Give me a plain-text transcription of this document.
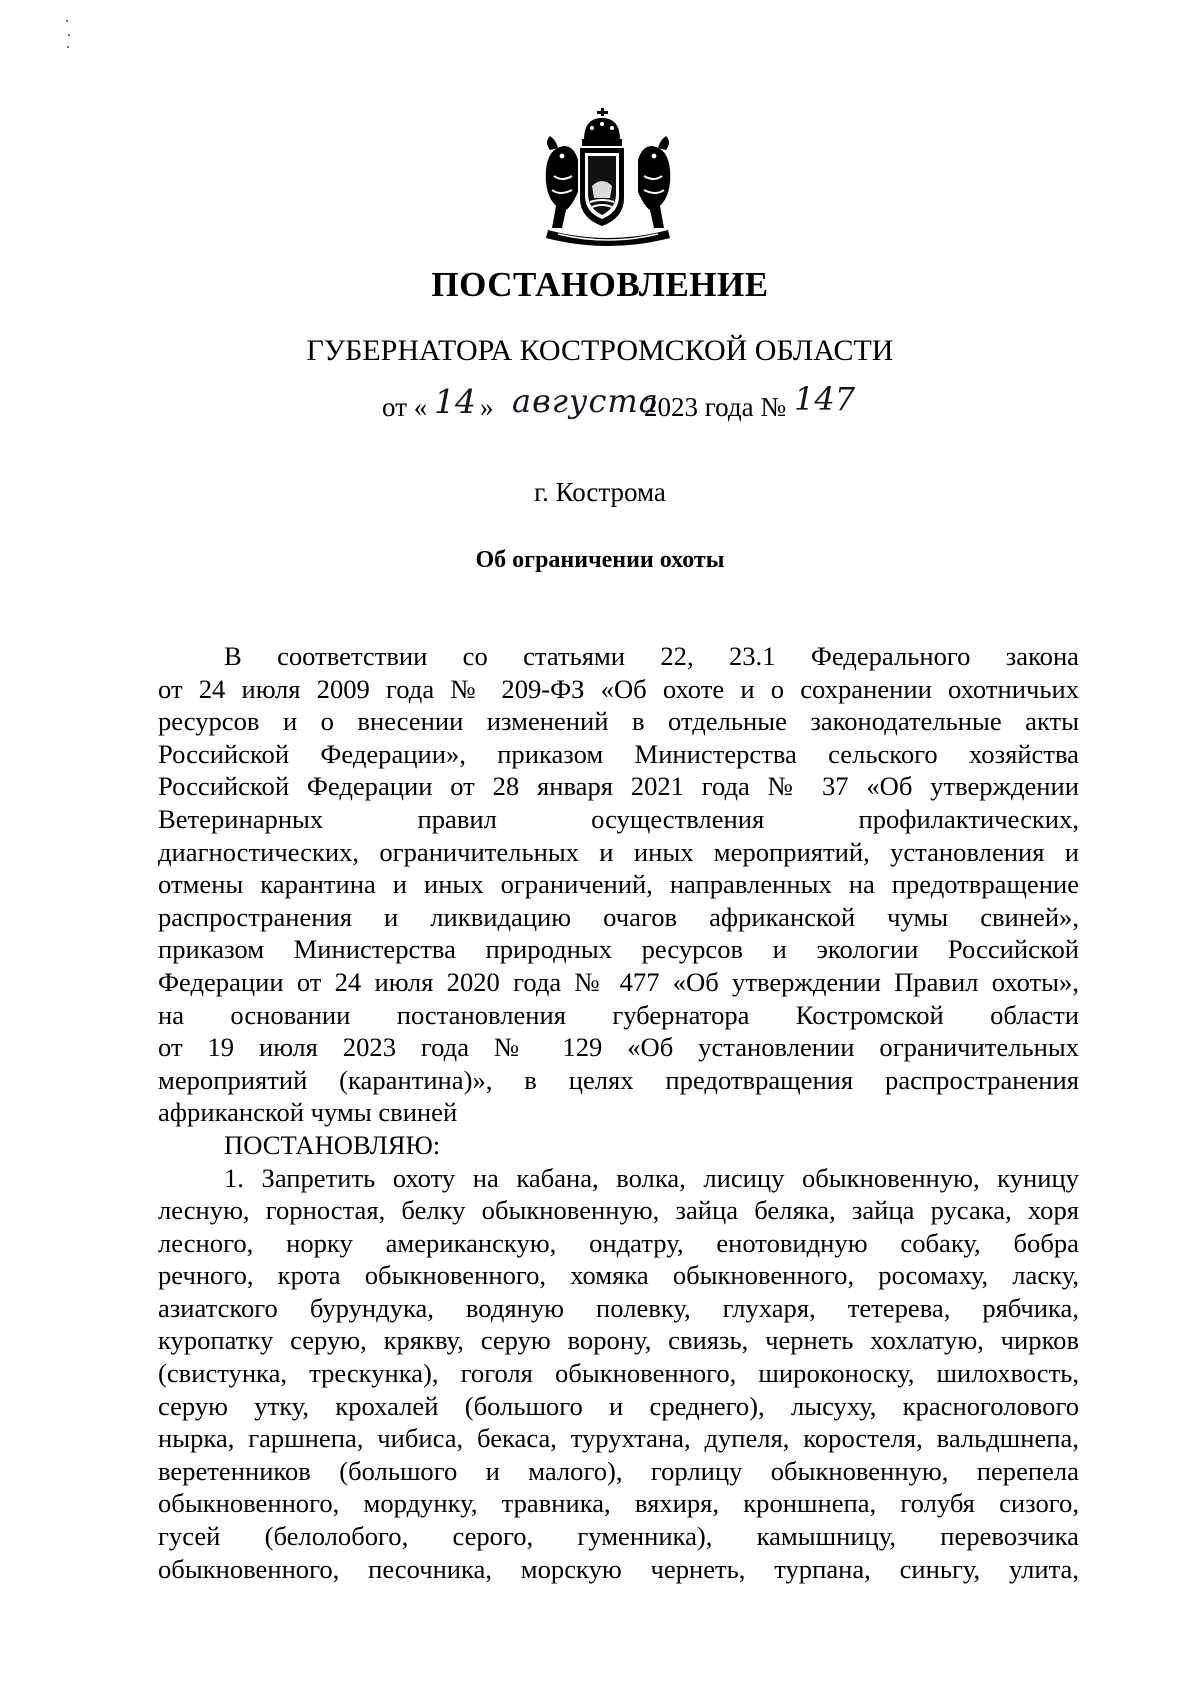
ПОСТАНОВЛЕНИЕ
ГУБЕРНАТОРА КОСТРОМСКОЙ ОБЛАСТИ
от « 14 » августа
2023 года № 147
г. Кострома
Об ограничении охоты
В соответствии со статьями 22, 23.1 Федерального закона
от 24 июля 2009 года № 209-ФЗ «Об охоте и о сохранении охотничьих
ресурсов и о внесении изменений в отдельные законодательные акты
Российской Федерации», приказом Министерства сельского хозяйства
Российской Федерации от 28 января 2021 года № 37 «Об утверждении
Ветеринарных правил осуществления профилактических,
диагностических, ограничительных и иных мероприятий, установления и
отмены карантина и иных ограничений, направленных на предотвращение
распространения и ликвидацию очагов африканской чумы свиней»,
приказом Министерства природных ресурсов и экологии Российской
Федерации от 24 июля 2020 года № 477 «Об утверждении Правил охоты»,
на основании постановления губернатора Костромской области
от 19 июля 2023 года № 129 «Об установлении ограничительных
мероприятий (карантина)», в целях предотвращения распространения
африканской чумы свиней
ПОСТАНОВЛЯЮ:
1. Запретить охоту на кабана, волка, лисицу обыкновенную, куницу
лесную, горностая, белку обыкновенную, зайца беляка, зайца русака, хоря
лесного, норку американскую, ондатру, енотовидную собаку, бобра
речного, крота обыкновенного, хомяка обыкновенного, росомаху, ласку,
азиатского бурундука, водяную полевку, глухаря, тетерева, рябчика,
куропатку серую, крякву, серую ворону, свиязь, чернеть хохлатую, чирков
(свистунка, трескунка), гоголя обыкновенного, широконоску, шилохвость,
серую утку, крохалей (большого и среднего), лысуху, красноголового
нырка, гаршнепа, чибиса, бекаса, турухтана, дупеля, коростеля, вальдшнепа,
веретенников (большого и малого), горлицу обыкновенную, перепела
обыкновенного, мордунку, травника, вяхиря, кроншнепа, голубя сизого,
гусей (белолобого, серого, гуменника), камышницу, перевозчика
обыкновенного, песочника, морскую чернеть, турпана, синьгу, улита,
